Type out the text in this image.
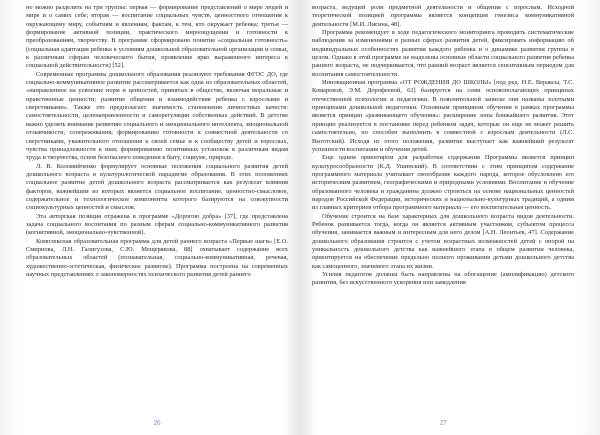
но можно разделить на три группы: первая — формирование представлений о мире людей и мире и о самих себе; вторая — воспитание социальных чувств, ценностного отношения к окружающему миру, событиям и явлениям, фактам, к тем, кто окружает ребенка; третья — формирование активной позиции, практического мироощущения и готовности к преобразованиям, творчеству. В программе сформировано понятие «социальная готовность» (социальная адаптация ребенка к условиям дошкольной образовательной организации и семьи, к различным сферам человеческого бытия, проявление ярко выраженного интереса к социальной действительности) [52].

Современные программы дошкольного образования реализуют требования ФГОС ДО, где социально-коммуникативное развитие рассматривается как одна из образовательных областей, «направленное на усвоение норм и ценностей, принятых в обществе, включая моральные и нравственные ценности; развитие общения и взаимодействия ребенка с взрослыми и сверстниками». Также это предполагает значимость становления личностных качеств: самостоятельности, целенаправленности и саморегуляции собственных действий. В детстве важно уделять внимание развитию социального и эмоционального интеллекта, эмоциональной отзывчивости, сопереживания; формированию готовности к совместной деятельности со сверстниками, уважительного отношения к своей семье и к сообществу детей и взрослых, чувства принадлежности к ним; формированию позитивных установок к различным видам труда и творчества, основ безопасного поведения в быту, социуме, природе.

Л. В. Коломийченко формулирует основные положения социального развития детей дошкольного возраста в культурологической парадигме образования. В этих положениях социальное развитие детей дошкольного возраста рассматривается как результат влияния факторов, важнейшим из которых является социальное воспитание, ценностно-смысловое, содержательное и технологическое компоненты которого базируются на совокупности социокультурных ценностей и смыслов.

Эта авторская позиция отражена в программе «Дорогою добра» [37], где представлена задача социального воспитания по разным сферам социально-коммуникативного развития (когнитивной, эмоционально-чувственной).

Комплексная образовательная программа для детей раннего возраста «Первые шаги» [Е.О. Смирнова, Л.Н. Галигузова, С.Ю. Мещерякова, 88] охватывает содержание всех образовательных областей (познавательная, социально-коммуникативная, речевая, художественно-эстетическая, физическое развитие). Программа построена на современных научных представлениях о закономерностях психического развития детей раннего

26

возраста, ведущей роли предметной деятельности и общения с взрослым. Исходной теоретической позицией программы является концепция генезиса коммуникативной деятельности [М.И. Лисина, 48].

Программа рекомендует в ходе педагогического мониторинга проводить систематические наблюдения за изменениями в разных сферах развития детей, фиксировать информацию об индивидуальных особенностях развития каждого ребенка и о динамике развития группы в целом. Однако в этой программе не выделены основные области социального развития ребенка раннего возраста, не подчеркивается, что ранний возраст является сенситивным периодом для воспитания самостоятельности.

Инновационная программа «ОТ РОЖДЕНИЯ ДО ШКОЛЫ» [под ред. Н.Е. Вераксы, Т.С. Комаровой, Э.М. Дорофеевой, 62] базируется на семи основополагающих принципах отечественной психологии и педагогики. В пояснительной записке они названы золотыми принципами дошкольной педагогики. Основным принципом обучения в рамках программы является принцип «развивающего обучения»: расширение зоны ближайшего развития. Этот принцип реализуется в постановке перед ребенком задач, которые он еще не может решить самостоятельно, но способен выполнить в совместной с взрослым деятельности (Л.С. Выготский). Исходя из этого положения, развитие выступает как важнейший результат успешности воспитания и обучения детей.

Еще одним ориентиром для разработки содержания Программы является принцип культуросообразности (К.Д. Ушинский). В соответствии с этим принципом содержание программного материала учитывает своеобразие каждого народа, которое обусловлено его историческим развитием, географическими и природными условиями. Воспитание и обучение образованного человека и гражданина должно строиться на основе национальных ценностей народов Российской Федерации, исторических и национально-культурных традиций, а одним из главных критериев отбора программного материала — его воспитательная ценность.

Обучение строится на базе характерных для дошкольного возраста видов деятельности. Ребенок развивается тогда, когда он является активным участником, субъектом процесса обучения, занимается важным и интересным для него делом [А.Н. Леонтьев, 47]. Содержание дошкольного образования строится с учетом возрастных возможностей детей с опорой на уникальность дошкольного детства как важнейшего этапа в общем развитии человека, ориентируется на обеспечение предельно полного проживания детьми дошкольного детства как самоценного, значимого этапа их жизни.

Усилия педагогов должны быть направлены на обогащение (амплификацию) детского развития, без искусственного ускорения или замедления

27
